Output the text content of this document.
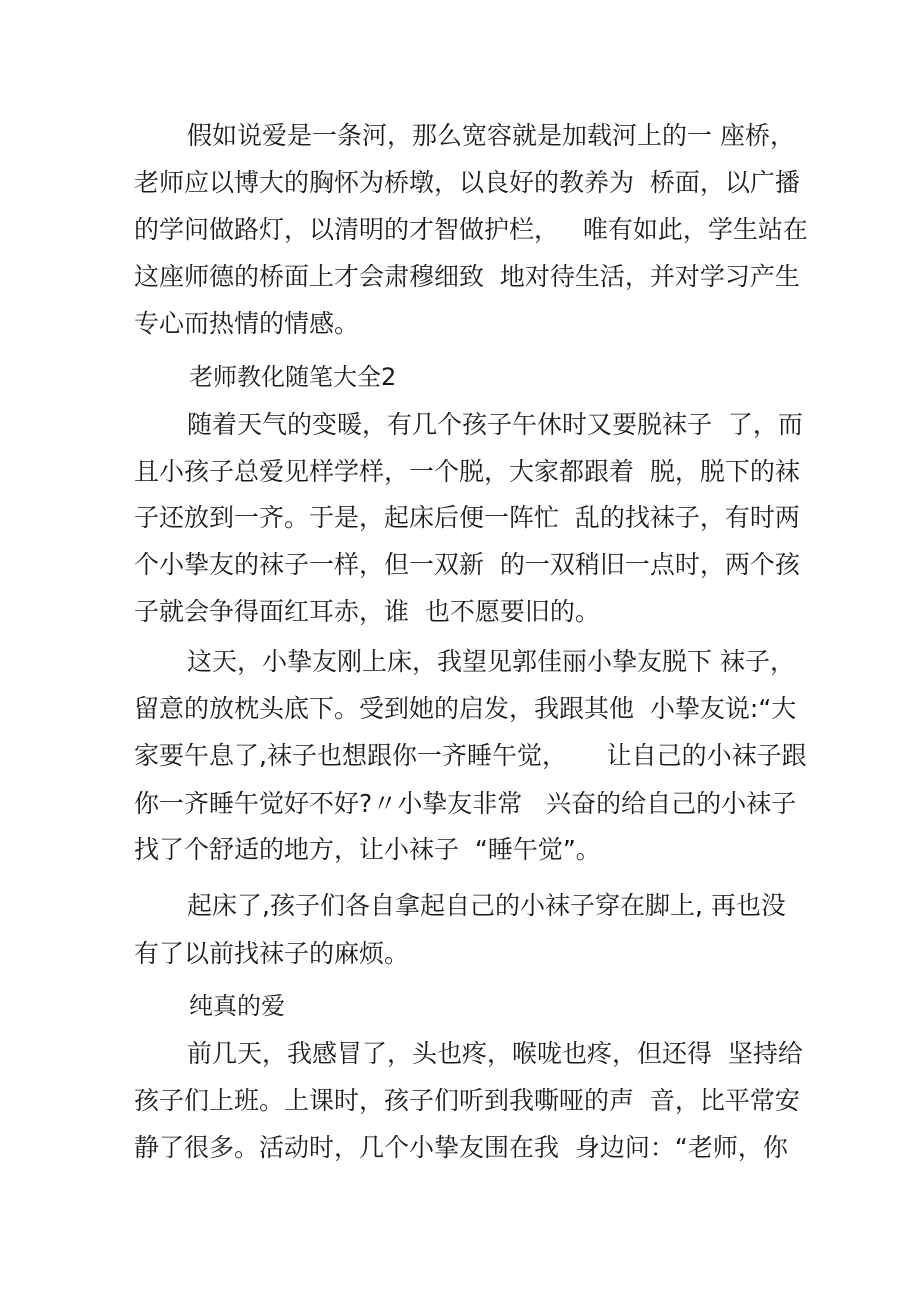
假如说爱是一条河，那么宽容就是加载河上的一 座桥，

老师应以博大的胸怀为桥墩，以良好的教养为  桥面，以广播

的学问做路灯，以清明的才智做护栏，   唯有如此，学生站在

这座师德的桥面上才会肃穆细致  地对待生活，并对学习产生

专心而热情的情感。

老师教化随笔大全2

随着天气的变暖，有几个孩子午休时又要脱袜子  了，而

且小孩子总爱见样学样，一个脱，大家都跟着  脱，脱下的袜

子还放到一齐。于是，起床后便一阵忙  乱的找袜子，有时两

个小挚友的袜子一样，但一双新  的一双稍旧一点时，两个孩

子就会争得面红耳赤，谁  也不愿要旧的。

这天，小挚友刚上床，我望见郭佳丽小挚友脱下 袜子，

留意的放枕头底下。受到她的启发，我跟其他  小挚友说:“大

家要午息了,袜子也想跟你一齐睡午觉，     让自己的小袜子跟

你一齐睡午觉好不好?〃小挚友非常   兴奋的给自己的小袜子

找了个舒适的地方，让小袜子  “睡午觉”。

起床了,孩子们各自拿起自己的小袜子穿在脚上, 再也没

有了以前找袜子的麻烦。

纯真的爱

前几天，我感冒了，头也疼，喉咙也疼，但还得  坚持给

孩子们上班。上课时，孩子们听到我嘶哑的声  音，比平常安

静了很多。活动时，几个小挚友围在我  身边问：“老师，你
